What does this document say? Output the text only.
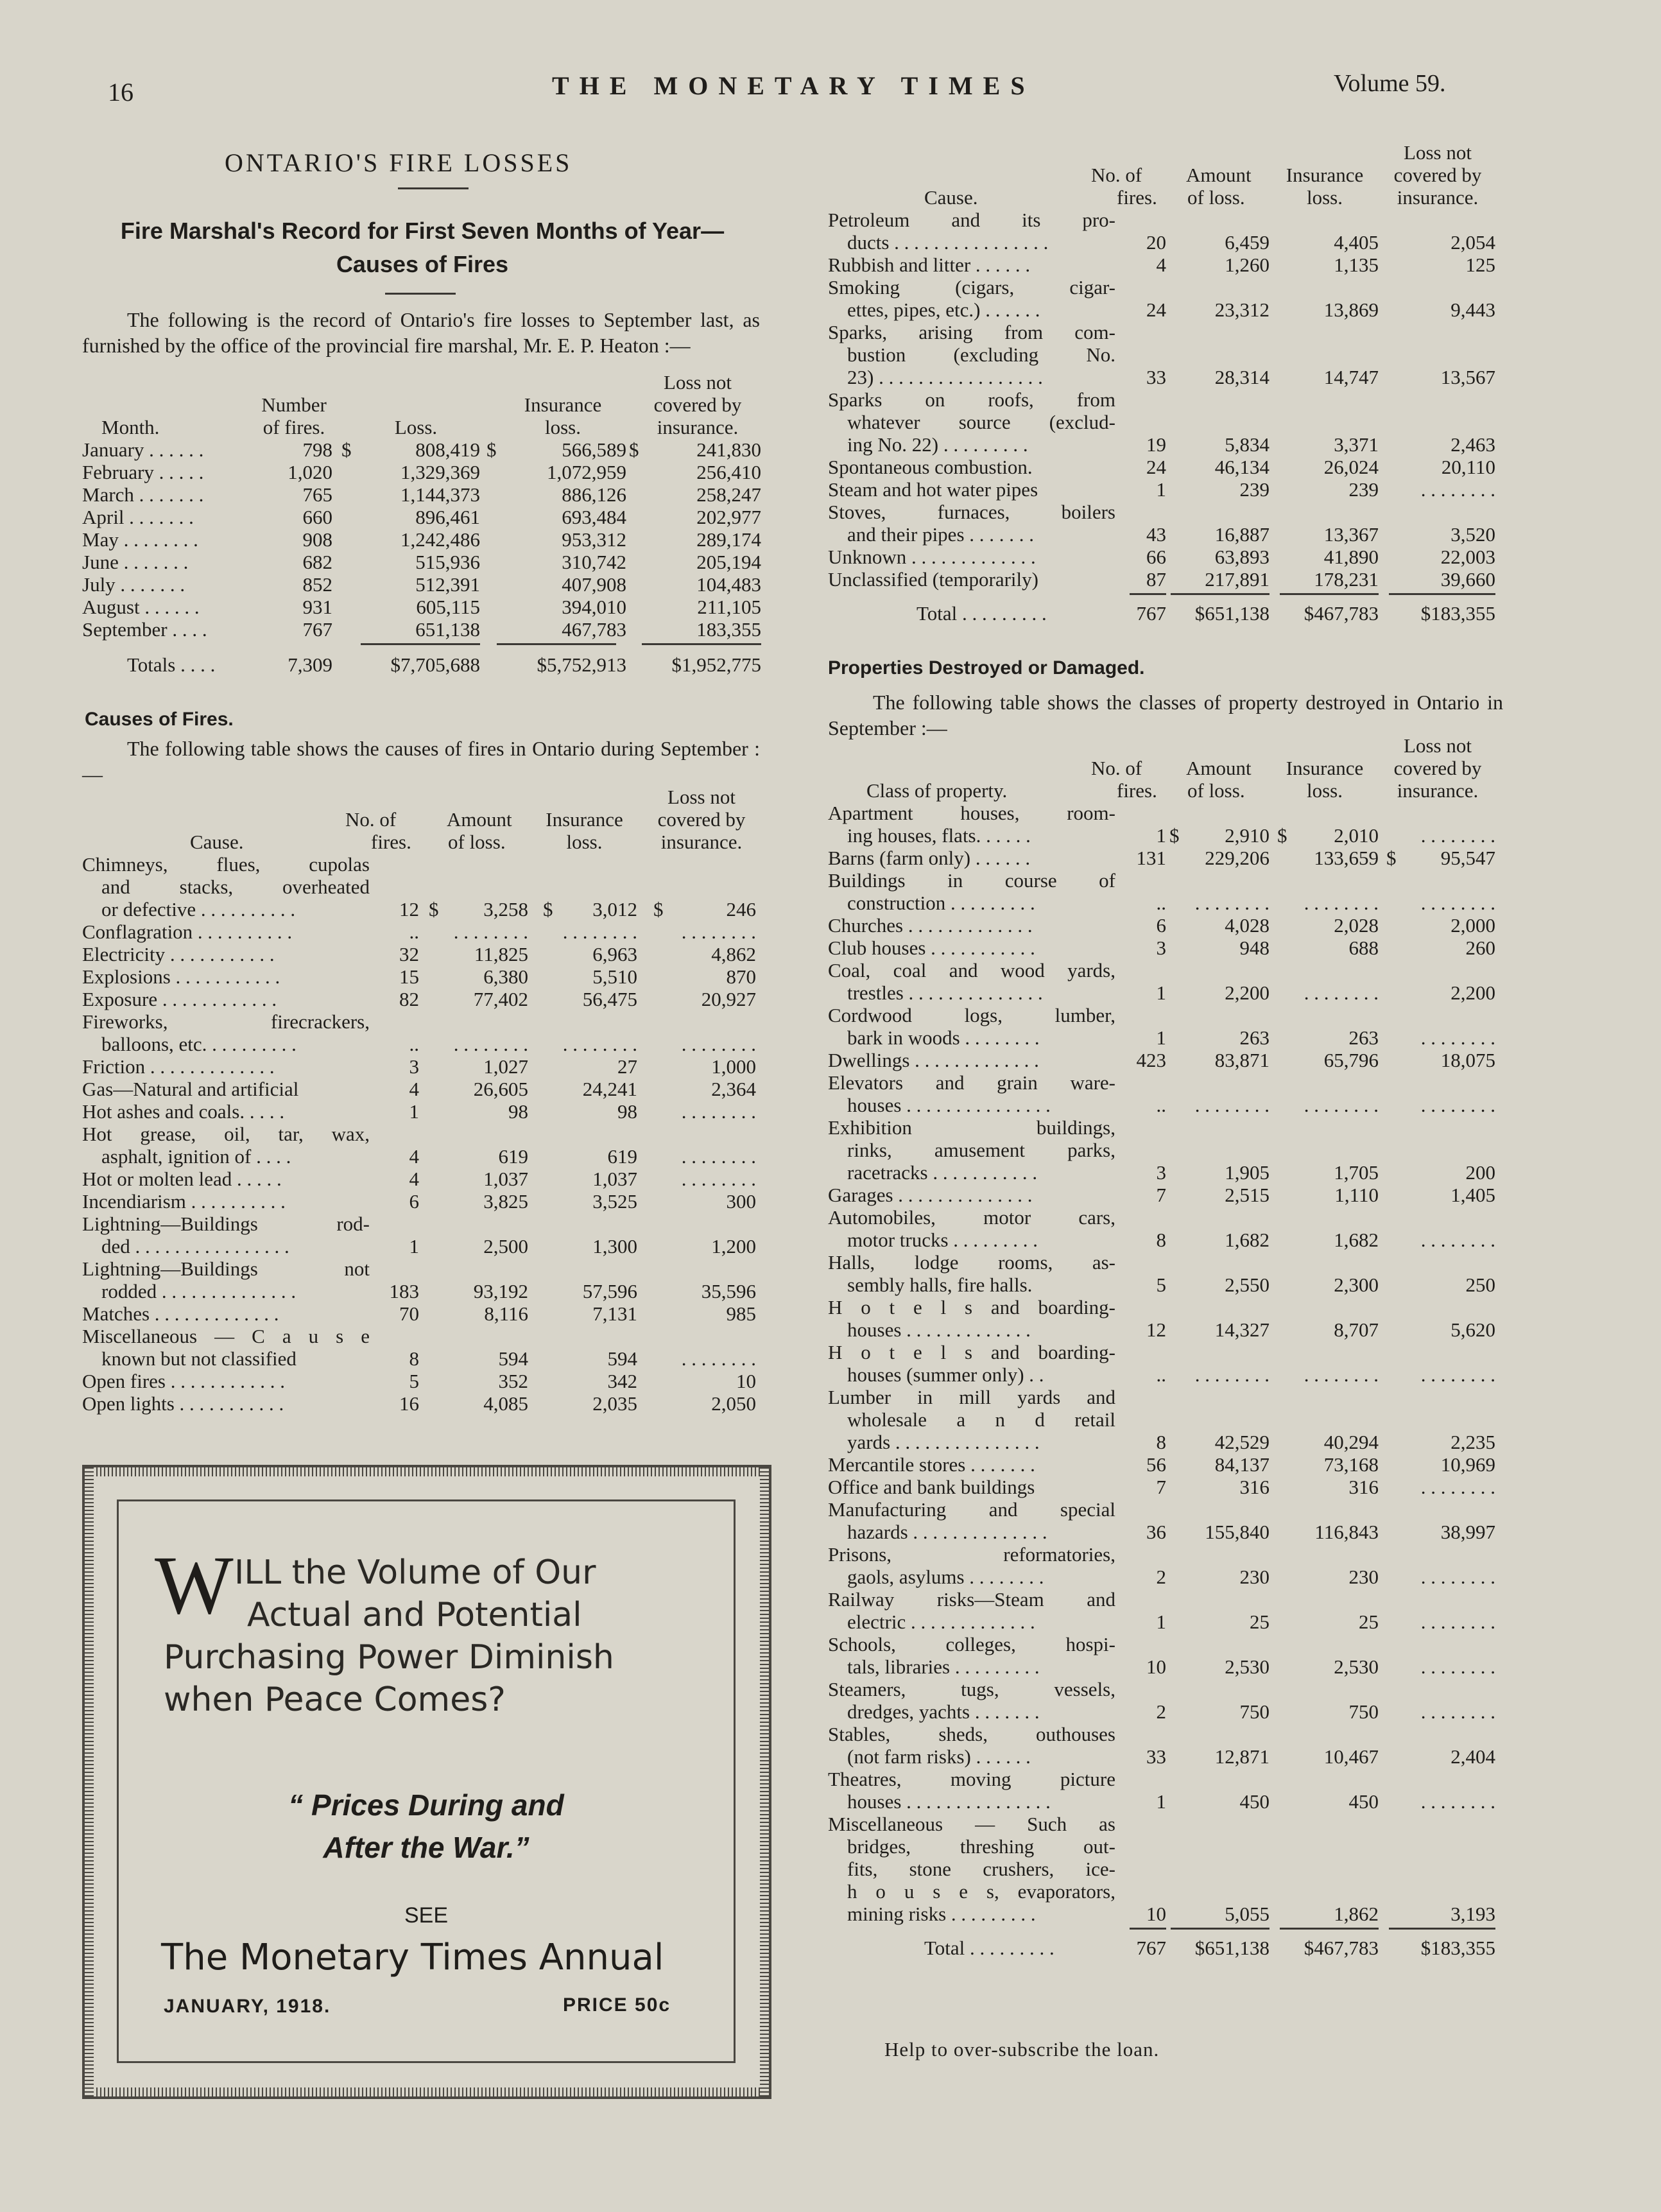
16	THE MONETARY TIMES	Volume 59.
ONTARIO'S FIRE LOSSES
Fire Marshal's Record for First Seven Months of Year—
Causes of Fires
The following is the record of Ontario's fire losses to September last, as furnished by the office of the provincial fire marshal, Mr. E. P. Heaton :—
Loss not
Number	Insurance	covered by
Month.	of fires.	Loss.	loss.	insurance.
January . . . . . .	798 $	808,419 $	566,589 $	241,830
February . . . . .	1,020	1,329,369	1,072,959	256,410
March . . . . . . .	765	1,144,373	886,126	258,247
April . . . . . . .	660	896,461	693,484	202,977
May . . . . . . . .	908	1,242,486	953,312	289,174
June . . . . . . .	682	515,936	310,742	205,194
July . . . . . . .	852	512,391	407,908	104,483
August . . . . . .	931	605,115	394,010	211,105
September . . . .	767	651,138	467,783	183,355
Totals . . . .	7,309	$7,705,688	$5,752,913	$1,952,775
Causes of Fires.
The following table shows the causes of fires in Ontario during September :—
Loss not
No. of	Amount	Insurance	covered by
Cause.	fires. of loss.	loss.	insurance.
Chimneys, flues, cupolas
and stacks, overheated
or defective . . . . . . . . . .	12 $	3,258 $	3,012 $	246
Conflagration . . . . . . . . . .	..	. . . . . . . .	. . . . . . . .	. . . . . . . .
Electricity . . . . . . . . . . .	32	11,825	6,963	4,862
Explosions . . . . . . . . . . .	15	6,380	5,510	870
Exposure . . . . . . . . . . . .	82	77,402	56,475	20,927
Fireworks, firecrackers,
balloons, etc. . . . . . . . . .	..	. . . . . . . .	. . . . . . . .	. . . . . . . .
Friction . . . . . . . . . . . . .	3	1,027	27	1,000
Gas—Natural and artificial	4	26,605	24,241	2,364
Hot ashes and coals. . . . .	1	98	98	. . . . . . . .
Hot grease, oil, tar, wax,
asphalt, ignition of . . . .	4	619	619	. . . . . . . .
Hot or molten lead . . . . .	4	1,037	1,037	. . . . . . . .
Incendiarism . . . . . . . . . .	6	3,825	3,525	300
Lightning—Buildings rod-
ded . . . . . . . . . . . . . . . .	1	2,500	1,300	1,200
Lightning—Buildings not
rodded . . . . . . . . . . . . . .	183	93,192	57,596	35,596
Matches . . . . . . . . . . . . .	70	8,116	7,131	985
Miscellaneous — C a u s e
known but not classified	8	594	594	. . . . . . . .
Open fires . . . . . . . . . . . .	5	352	342	10
Open lights . . . . . . . . . . .	16	4,085	2,035	2,050
Loss not
No. of Amount	Insurance	covered by
Cause.	fires. of loss.	loss.	insurance.
Petroleum and its pro-
ducts . . . . . . . . . . . . . . . .	20	6,459	4,405	2,054
Rubbish and litter . . . . . .	4	1,260	1,135	125
Smoking (cigars, cigar-
ettes, pipes, etc.) . . . . . .	24	23,312	13,869	9,443
Sparks, arising from com-
bustion (excluding No.
23) . . . . . . . . . . . . . . . . .	33	28,314	14,747	13,567
Sparks on roofs, from
whatever source (exclud-
ing No. 22) . . . . . . . . .	19	5,834	3,371	2,463
Spontaneous combustion.	24	46,134	26,024	20,110
Steam and hot water pipes	1	239	239	. . . . . . . .
Stoves, furnaces, boilers
and their pipes . . . . . . .	43	16,887	13,367	3,520
Unknown . . . . . . . . . . . . .	66	63,893	41,890	22,003
Unclassified (temporarily)	87	217,891	178,231	39,660
Total . . . . . . . . .	767	$651,138	$467,783	$183,355
Properties Destroyed or Damaged.
The following table shows the classes of property destroyed in Ontario in September :—
Loss not
No. of Amount	Insurance	covered by
Class of property.	fires. of loss.	loss.	insurance.
Apartment houses, room-
ing houses, flats. . . . . .	1 $	2,910 $	2,010	. . . . . . . .
Barns (farm only) . . . . . .	131	229,206	133,659 $	95,547
Buildings in course of
construction . . . . . . . . .	..	. . . . . . . .	. . . . . . . .	. . . . . . . .
Churches . . . . . . . . . . . . .	6	4,028	2,028	2,000
Club houses . . . . . . . . . . .	3	948	688	260
Coal, coal and wood yards,
trestles . . . . . . . . . . . . . .	1	2,200	. . . . . . . .	2,200
Cordwood logs, lumber,
bark in woods . . . . . . . .	1	263	263	. . . . . . . .
Dwellings . . . . . . . . . . . . .	423	83,871	65,796	18,075
Elevators and grain ware-
houses . . . . . . . . . . . . . . .	..	. . . . . . . .	. . . . . . . .	. . . . . . . .
Exhibition buildings,
rinks, amusement parks,
racetracks . . . . . . . . . . .	3	1,905	1,705	200
Garages . . . . . . . . . . . . . .	7	2,515	1,110	1,405
Automobiles, motor cars,
motor trucks . . . . . . . . .	8	1,682	1,682	. . . . . . . .
Halls, lodge rooms, as-
sembly halls, fire halls.	5	2,550	2,300	250
H o t e l s and boarding-
houses . . . . . . . . . . . . .	12	14,327	8,707	5,620
H o t e l s and boarding-
houses (summer only) . .	..	. . . . . . . .	. . . . . . . .	. . . . . . . .
Lumber in mill yards and
wholesale a n d retail
yards . . . . . . . . . . . . . . .	8	42,529	40,294	2,235
Mercantile stores . . . . . . .	56	84,137	73,168	10,969
Office and bank buildings	7	316	316	. . . . . . . .
Manufacturing and special
hazards . . . . . . . . . . . . . .	36	155,840	116,843	38,997
Prisons, reformatories,
gaols, asylums . . . . . . . .	2	230	230	. . . . . . . .
Railway risks—Steam and
electric . . . . . . . . . . . . .	1	25	25	. . . . . . . .
Schools, colleges, hospi-
tals, libraries . . . . . . . . .	10	2,530	2,530	. . . . . . . .
Steamers, tugs, vessels,
dredges, yachts . . . . . . .	2	750	750	. . . . . . . .
Stables, sheds, outhouses
(not farm risks) . . . . . .	33	12,871	10,467	2,404
Theatres, moving picture
houses . . . . . . . . . . . . . . .	1	450	450	. . . . . . . .
Miscellaneous — Such as
bridges, threshing out-
fits, stone crushers, ice-
h o u s e s, evaporators,
mining risks . . . . . . . . .	10	5,055	1,862	3,193
Total . . . . . . . . .	767	$651,138	$467,783	$183,355
W ILL the Volume of Our
Actual and Potential
Purchasing Power Diminish
when Peace Comes?
“ Prices During and
After the War.”
SEE
The Monetary Times Annual
JANUARY, 1918.	PRICE 50c
Help to over-subscribe the loan.
